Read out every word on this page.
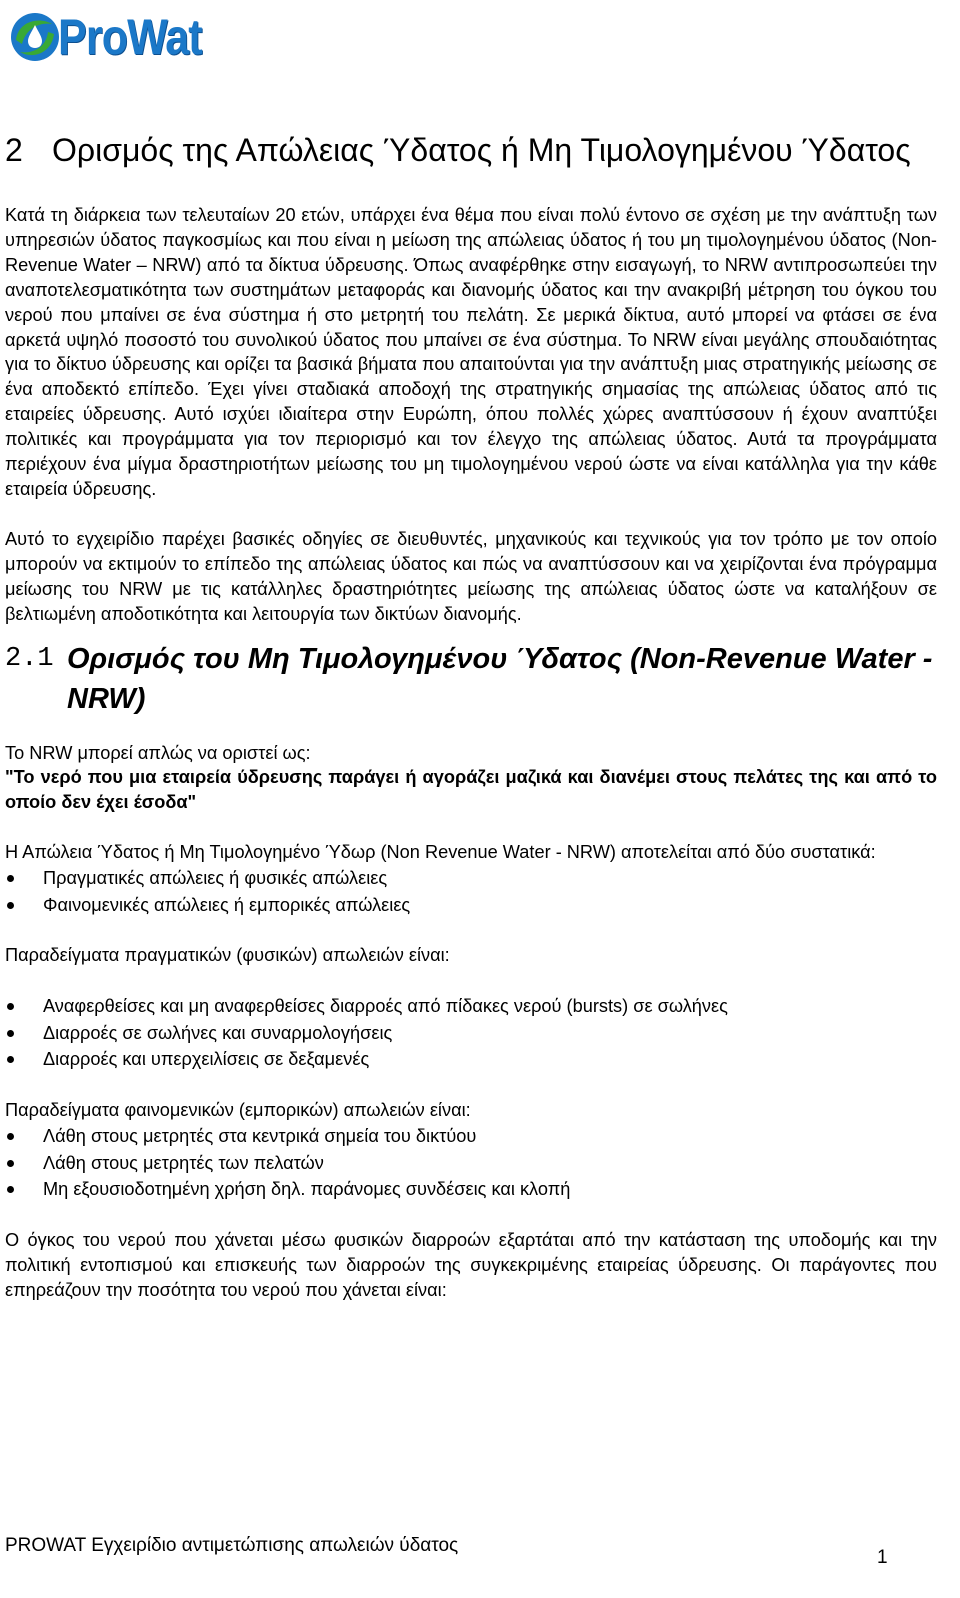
ProWat
2 Ορισμός της Απώλειας Ύδατος ή Μη Τιμολογημένου Ύδατος

Κατά τη διάρκεια των τελευταίων 20 ετών, υπάρχει ένα θέμα που είναι πολύ έντονο σε σχέση με την ανάπτυξη των υπηρεσιών ύδατος παγκοσμίως και που είναι η μείωση της απώλειας ύδατος ή του μη τιμολογημένου ύδατος (Non-Revenue Water – NRW) από τα δίκτυα ύδρευσης. Όπως αναφέρθηκε στην εισαγωγή, το NRW αντιπροσωπεύει την αναποτελεσματικότητα των συστημάτων μεταφοράς και διανομής ύδατος και την ανακριβή μέτρηση του όγκου του νερού που μπαίνει σε ένα σύστημα ή στο μετρητή του πελάτη. Σε μερικά δίκτυα, αυτό μπορεί να φτάσει σε ένα αρκετά υψηλό ποσοστό του συνολικού ύδατος που μπαίνει σε ένα σύστημα. Το NRW είναι μεγάλης σπουδαιότητας για το δίκτυο ύδρευσης και ορίζει τα βασικά βήματα που απαιτούνται για την ανάπτυξη μιας στρατηγικής μείωσης σε ένα αποδεκτό επίπεδο. Έχει γίνει σταδιακά αποδοχή της στρατηγικής σημασίας της απώλειας ύδατος από τις εταιρείες ύδρευσης. Αυτό ισχύει ιδιαίτερα στην Ευρώπη, όπου πολλές χώρες αναπτύσσουν ή έχουν αναπτύξει πολιτικές και προγράμματα για τον περιορισμό και τον έλεγχο της απώλειας ύδατος. Αυτά τα προγράμματα περιέχουν ένα μίγμα δραστηριοτήτων μείωσης του μη τιμολογημένου νερού ώστε να είναι κατάλληλα για την κάθε εταιρεία ύδρευσης.

Αυτό το εγχειρίδιο παρέχει βασικές οδηγίες σε διευθυντές, μηχανικούς και τεχνικούς για τον τρόπο με τον οποίο μπορούν να εκτιμούν το επίπεδο της απώλειας ύδατος και πώς να αναπτύσσουν και να χειρίζονται ένα πρόγραμμα μείωσης του NRW με τις κατάλληλες δραστηριότητες μείωσης της απώλειας ύδατος ώστε να καταλήξουν σε βελτιωμένη αποδοτικότητα και λειτουργία των δικτύων διανομής.

2.1 Ορισμός του Μη Τιμολογημένου Ύδατος (Non-Revenue Water - NRW)

Το NRW μπορεί απλώς να οριστεί ως:

"Το νερό που μια εταιρεία ύδρευσης παράγει ή αγοράζει μαζικά και διανέμει στους πελάτες της και από το οποίο δεν έχει έσοδα"

Η Απώλεια Ύδατος ή Μη Τιμολογημένο Ύδωρ (Non Revenue Water - NRW) αποτελείται από δύο συστατικά:

Πραγματικές απώλειες ή φυσικές απώλειες
Φαινομενικές απώλειες ή εμπορικές απώλειες

Παραδείγματα πραγματικών (φυσικών) απωλειών είναι:

Αναφερθείσες και μη αναφερθείσες διαρροές από πίδακες νερού (bursts) σε σωλήνες
Διαρροές σε σωλήνες και συναρμολογήσεις
Διαρροές και υπερχειλίσεις σε δεξαμενές

Παραδείγματα φαινομενικών (εμπορικών) απωλειών είναι:

Λάθη στους μετρητές στα κεντρικά σημεία του δικτύου
Λάθη στους μετρητές των πελατών
Μη εξουσιοδοτημένη χρήση δηλ. παράνομες συνδέσεις και κλοπή

Ο όγκος του νερού που χάνεται μέσω φυσικών διαρροών εξαρτάται από την κατάσταση της υποδομής και την πολιτική εντοπισμού και επισκευής των διαρροών της συγκεκριμένης εταιρείας ύδρευσης. Οι παράγοντες που επηρεάζουν την ποσότητα του νερού που χάνεται είναι:

PROWAT Εγχειρίδιο αντιμετώπισης απωλειών ύδατος
1
